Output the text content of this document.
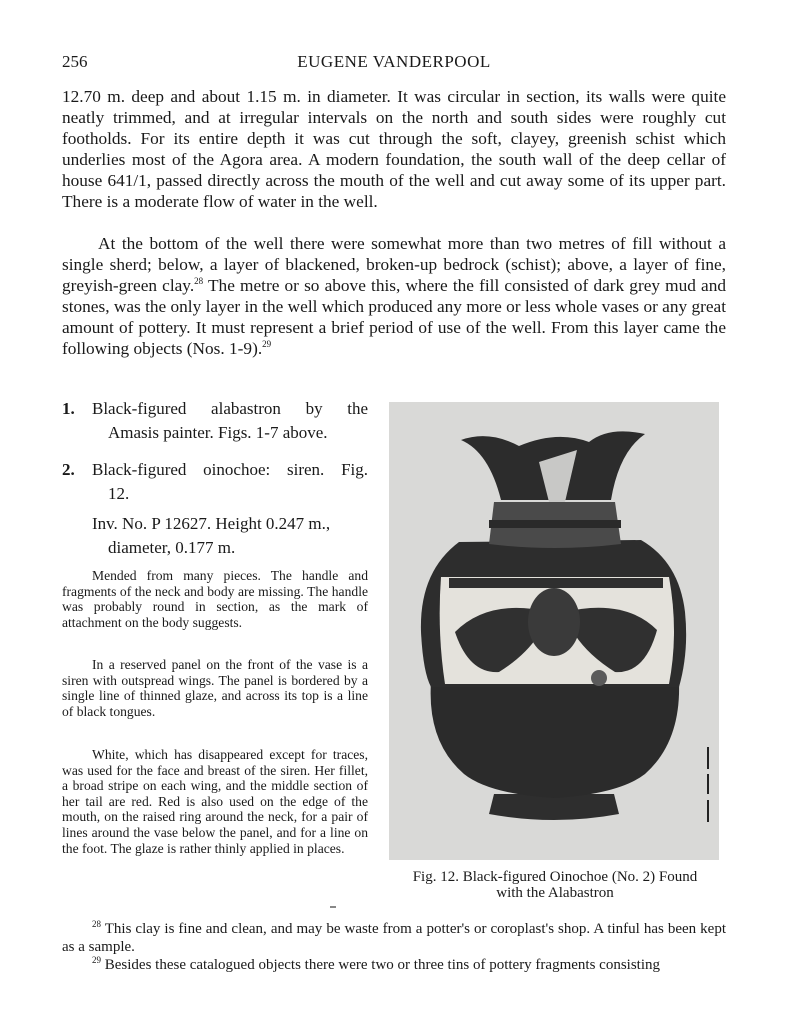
256	EUGENE VANDERPOOL

12.70 m. deep and about 1.15 m. in diameter. It was circular in section, its walls were quite neatly trimmed, and at irregular intervals on the north and south sides were roughly cut footholds. For its entire depth it was cut through the soft, clayey, greenish schist which underlies most of the Agora area. A modern foundation, the south wall of the deep cellar of house 641/1, passed directly across the mouth of the well and cut away some of its upper part. There is a moderate flow of water in the well.

At the bottom of the well there were somewhat more than two metres of fill without a single sherd; below, a layer of blackened, broken-up bedrock (schist); above, a layer of fine, greyish-green clay.$^{28}$ The metre or so above this, where the fill consisted of dark grey mud and stones, was the only layer in the well which produced any more or less whole vases or any great amount of pottery. It must represent a brief period of use of the well. From this layer came the following objects (Nos. 1-9).$^{29}$

1. Black-figured alabastron by the
Amasis painter. Figs. 1-7 above.
2. Black-figured oinochoe: siren. Fig.
12.
Inv. No. P 12627. Height 0.247 m.,
diameter, 0.177 m.

Mended from many pieces. The handle and fragments of the neck and body are missing. The handle was probably round in section, as the mark of attachment on the body suggests.

In a reserved panel on the front of the vase is a siren with outspread wings. The panel is bordered by a single line of thinned glaze, and across its top is a line of black tongues.

White, which has disappeared except for traces, was used for the face and breast of the siren. Her fillet, a broad stripe on each wing, and the middle section of her tail are red. Red is also used on the edge of the mouth, on the raised ring around the neck, for a pair of lines around the vase below the panel, and for a line on the foot. The glaze is rather thinly applied in places.

Fig. 12. Black-figured Oinochoe (No. 2) Found
with the Alabastron

$^{28}$ This clay is fine and clean, and may be waste from a potter's or coroplast's shop. A tinful has been kept as a sample.

$^{29}$ Besides these catalogued objects there were two or three tins of pottery fragments consisting
